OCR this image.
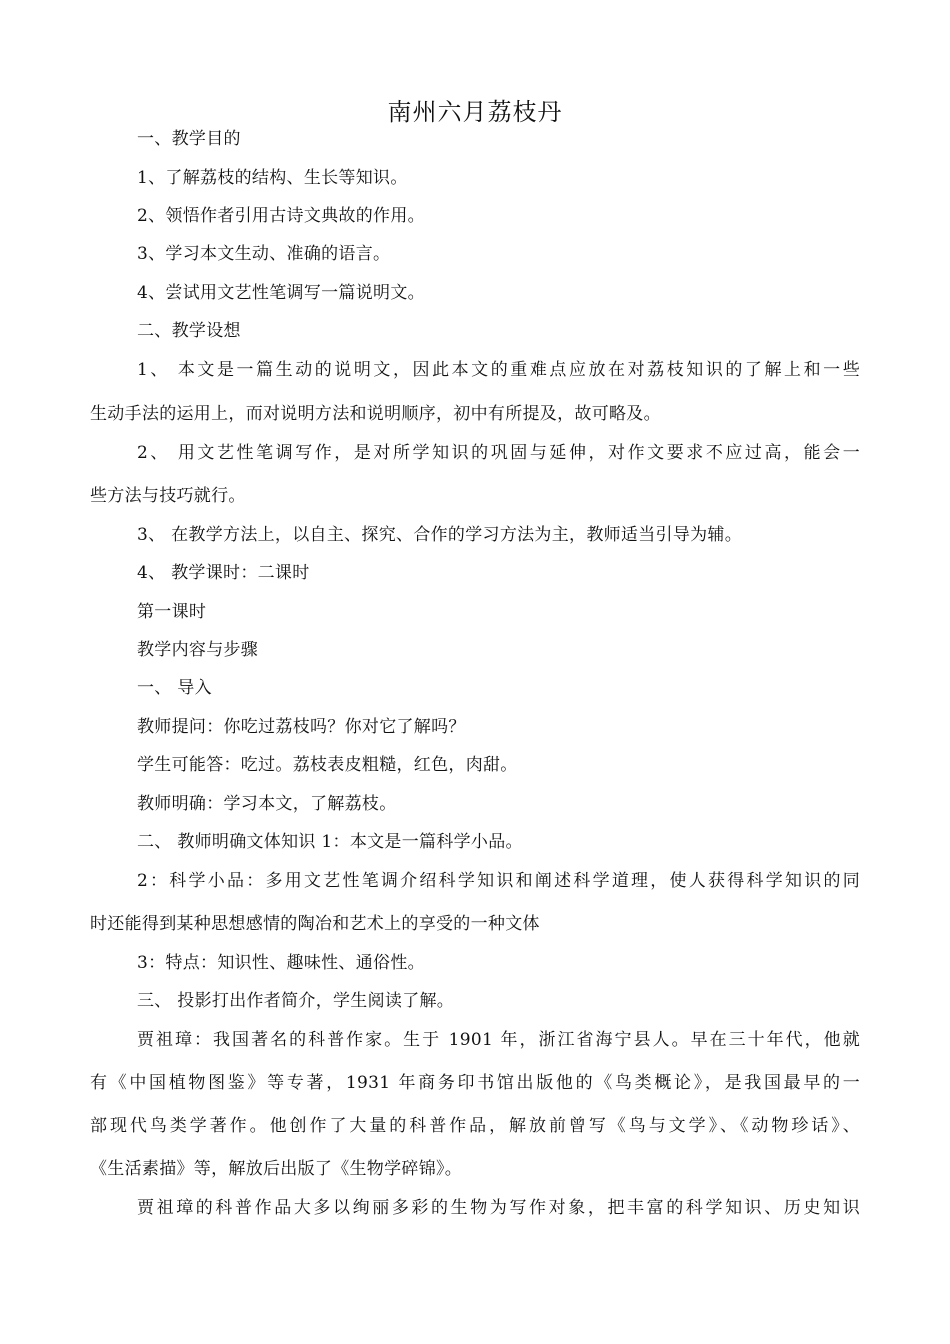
南州六月荔枝丹
一、教学目的
1、了解荔枝的结构、生长等知识。
2、领悟作者引用古诗文典故的作用。
3、学习本文生动、准确的语言。
4、尝试用文艺性笔调写一篇说明文。
二、教学设想
1、 本文是一篇生动的说明文，因此本文的重难点应放在对荔枝知识的了解上和一些
生动手法的运用上，而对说明方法和说明顺序，初中有所提及，故可略及。
2、 用文艺性笔调写作，是对所学知识的巩固与延伸，对作文要求不应过高，能会一
些方法与技巧就行。
3、 在教学方法上，以自主、探究、合作的学习方法为主，教师适当引导为辅。
4、 教学课时：二课时
第一课时
教学内容与步骤
一、 导入
教师提问：你吃过荔枝吗？你对它了解吗？
学生可能答：吃过。荔枝表皮粗糙，红色，肉甜。
教师明确：学习本文，了解荔枝。
二、 教师明确文体知识 1：本文是一篇科学小品。
2：科学小品：多用文艺性笔调介绍科学知识和阐述科学道理，使人获得科学知识的同
时还能得到某种思想感情的陶冶和艺术上的享受的一种文体
3：特点：知识性、趣味性、通俗性。
三、 投影打出作者简介，学生阅读了解。
贾祖璋：我国著名的科普作家。生于 1901 年，浙江省海宁县人。早在三十年代，他就
有《中国植物图鉴》等专著，1931 年商务印书馆出版他的《鸟类概论》，是我国最早的一
部现代鸟类学著作。他创作了大量的科普作品，解放前曾写《鸟与文学》、《动物珍话》、
《生活素描》等，解放后出版了《生物学碎锦》。
贾祖璋的科普作品大多以绚丽多彩的生物为写作对象，把丰富的科学知识、历史知识
